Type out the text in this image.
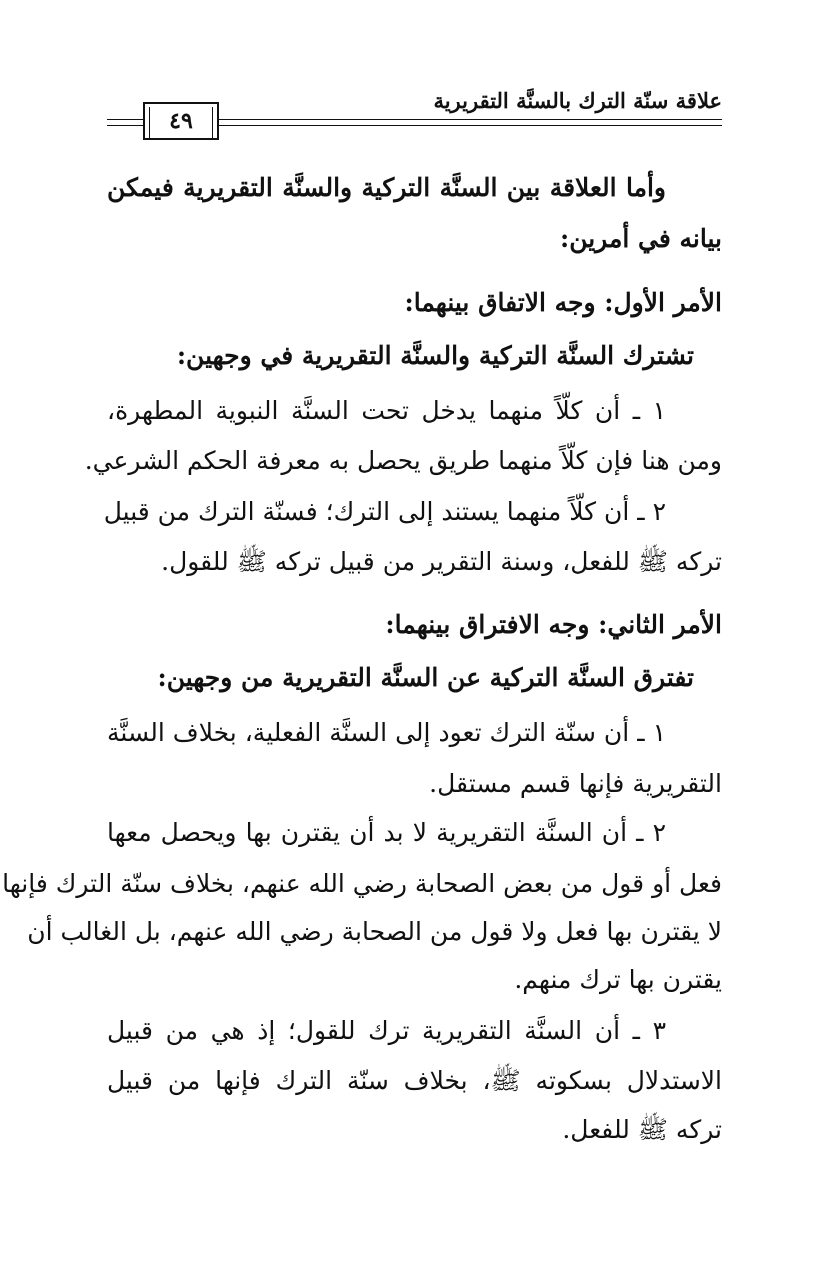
علاقة سنّة الترك بالسنَّة التقريرية
٤٩
وأما العلاقة بين السنَّة التركية والسنَّة التقريرية فيمكن
بيانه في أمرين:
الأمر الأول: وجه الاتفاق بينهما:
تشترك السنَّة التركية والسنَّة التقريرية في وجهين:
١ ـ أن كلّاً منهما يدخل تحت السنَّة النبوية المطهرة،
ومن هنا فإن كلّاً منهما طريق يحصل به معرفة الحكم الشرعي.
٢ ـ أن كلّاً منهما يستند إلى الترك؛ فسنّة الترك من قبيل
تركه ﷺ للفعل، وسنة التقرير من قبيل تركه ﷺ للقول.
الأمر الثاني: وجه الافتراق بينهما:
تفترق السنَّة التركية عن السنَّة التقريرية من وجهين:
١ ـ أن سنّة الترك تعود إلى السنَّة الفعلية، بخلاف السنَّة
التقريرية فإنها قسم مستقل.
٢ ـ أن السنَّة التقريرية لا بد أن يقترن بها ويحصل معها
فعل أو قول من بعض الصحابة رضي الله عنهم، بخلاف سنّة الترك فإنها
لا يقترن بها فعل ولا قول من الصحابة رضي الله عنهم، بل الغالب أن
يقترن بها ترك منهم.
٣ ـ أن السنَّة التقريرية ترك للقول؛ إذ هي من قبيل
الاستدلال بسكوته ﷺ، بخلاف سنّة الترك فإنها من قبيل
تركه ﷺ للفعل.
